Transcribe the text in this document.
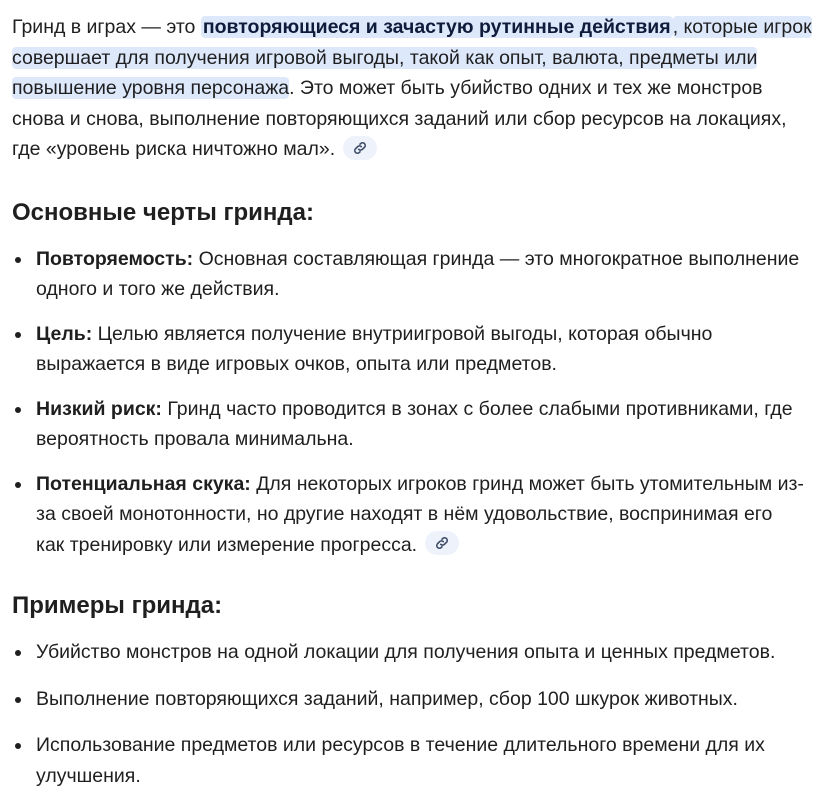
Гринд в играх — это повторяющиеся и зачастую рутинные действия , которые игрок совершает для получения игровой выгоды, такой как опыт, валюта, предметы или повышение уровня персонажа. Это может быть убийство одних и тех же монстров снова и снова, выполнение повторяющихся заданий или сбор ресурсов на локациях, где «уровень риска ничтожно мал».

Основные черты гринда:
Повторяемость: Основная составляющая гринда — это многократное выполнение одного и того же действия.
Цель: Целью является получение внутриигровой выгоды, которая обычно выражается в виде игровых очков, опыта или предметов.
Низкий риск: Гринд часто проводится в зонах с более слабыми противниками, где вероятность провала минимальна.
Потенциальная скука: Для некоторых игроков гринд может быть утомительным из-за своей монотонности, но другие находят в нём удовольствие, воспринимая его как тренировку или измерение прогресса.
Примеры гринда:
Убийство монстров на одной локации для получения опыта и ценных предметов.
Выполнение повторяющихся заданий, например, сбор 100 шкурок животных.
Использование предметов или ресурсов в течение длительного времени для их улучшения.
